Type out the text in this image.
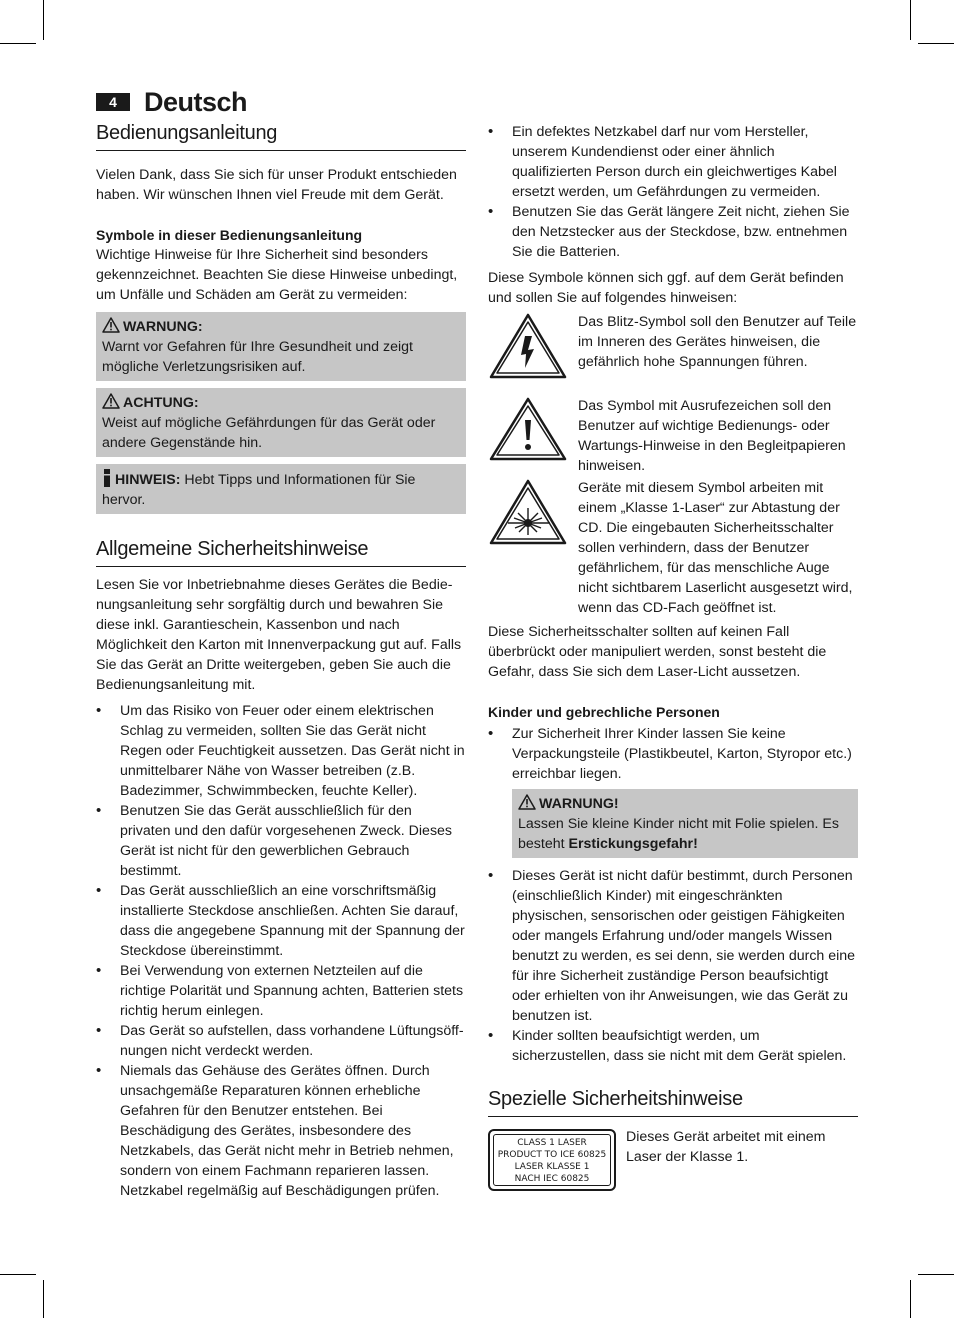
4	Deutsch
Bedienungsanleitung

Vielen Dank, dass Sie sich für unser Produkt entschieden haben. Wir wünschen Ihnen viel Freude mit dem Gerät.

Symbole in dieser Bedienungsanleitung

Wichtige Hinweise für Ihre Sicherheit sind besonders gekennzeichnet. Beachten Sie diese Hinweise unbedingt, um Unfälle und Schäden am Gerät zu vermeiden:

WARNUNG:

Warnt vor Gefahren für Ihre Gesundheit und zeigt mögliche Verletzungsrisiken auf.

ACHTUNG:

Weist auf mögliche Gefährdungen für das Gerät oder andere Gegenstände hin.

HINWEIS: Hebt Tipps und Informationen für Sie hervor.
Allgemeine Sicherheitshinweise

Lesen Sie vor Inbetriebnahme dieses Gerätes die Bedienungsanleitung sehr sorgfältig durch und bewahren Sie diese inkl. Garantieschein, Kassenbon und nach Möglichkeit den Karton mit Innenverpackung gut auf. Falls Sie das Gerät an Dritte weitergeben, geben Sie auch die Bedienungsanleitung mit.

• Um das Risiko von Feuer oder einem elektrischen Schlag zu vermeiden, sollten Sie das Gerät nicht Regen oder Feuchtigkeit aussetzen. Das Gerät nicht in unmittelbarer Nähe von Wasser betreiben (z.B. Badezimmer, Schwimmbecken, feuchte Keller).
• Benutzen Sie das Gerät ausschließlich für den privaten und den dafür vorgesehenen Zweck. Dieses Gerät ist nicht für den gewerblichen Gebrauch bestimmt.
• Das Gerät ausschließlich an eine vorschriftsmäßig installierte Steckdose anschließen. Achten Sie darauf, dass die angegebene Spannung mit der Spannung der Steckdose übereinstimmt.
• Bei Verwendung von externen Netzteilen auf die richtige Polarität und Spannung achten, Batterien stets richtig herum einlegen.
• Das Gerät so aufstellen, dass vorhandene Lüftungsöffnungen nicht verdeckt werden.
• Niemals das Gehäuse des Gerätes öffnen. Durch unsachgemäße Reparaturen können erhebliche Gefahren für den Benutzer entstehen. Bei Beschädigung des Gerätes, insbesondere des Netzkabels, das Gerät nicht mehr in Betrieb nehmen, sondern von einem Fachmann reparieren lassen. Netzkabel regelmäßig auf Beschädigungen prüfen.
• Ein defektes Netzkabel darf nur vom Hersteller, unserem Kundendienst oder einer ähnlich qualifizierten Person durch ein gleichwertiges Kabel ersetzt werden, um Gefährdungen zu vermeiden.
• Benutzen Sie das Gerät längere Zeit nicht, ziehen Sie den Netzstecker aus der Steckdose, bzw. entnehmen Sie die Batterien.

Diese Symbole können sich ggf. auf dem Gerät befinden und sollen Sie auf folgendes hinweisen:

Das Blitz-Symbol soll den Benutzer auf Teile im Inneren des Gerätes hinweisen, die gefährlich hohe Spannungen führen.

Das Symbol mit Ausrufezeichen soll den Benutzer auf wichtige Bedienungs- oder Wartungs-Hinweise in den Begleitpapieren hinweisen.

Geräte mit diesem Symbol arbeiten mit einem „Klasse 1-Laser“ zur Abtastung der CD. Die eingebauten Sicherheitsschalter sollen verhindern, dass der Benutzer gefährlichem, für das menschliche Auge nicht sichtbarem Laserlicht ausgesetzt wird, wenn das CD-Fach geöffnet ist.

Diese Sicherheitsschalter sollten auf keinen Fall überbrückt oder manipuliert werden, sonst besteht die Gefahr, dass Sie sich dem Laser-Licht aussetzen.

Kinder und gebrechliche Personen

• Zur Sicherheit Ihrer Kinder lassen Sie keine Verpackungsteile (Plastikbeutel, Karton, Styropor etc.) erreichbar liegen.
WARNUNG!

Lassen Sie kleine Kinder nicht mit Folie spielen. Es besteht Erstickungsgefahr!

• Dieses Gerät ist nicht dafür bestimmt, durch Personen (einschließlich Kinder) mit eingeschränkten physischen, sensorischen oder geistigen Fähigkeiten oder mangels Erfahrung und/oder mangels Wissen benutzt zu werden, es sei denn, sie werden durch eine für ihre Sicherheit zuständige Person beaufsichtigt oder erhielten von ihr Anweisungen, wie das Gerät zu benutzen ist.
• Kinder sollten beaufsichtigt werden, um sicherzustellen, dass sie nicht mit dem Gerät spielen.
Spezielle Sicherheitshinweise
CLASS 1 LASER
PRODUCT TO ICE 60825
LASER KLASSE 1
NACH IEC 60825

Dieses Gerät arbeitet mit einem Laser der Klasse 1.
